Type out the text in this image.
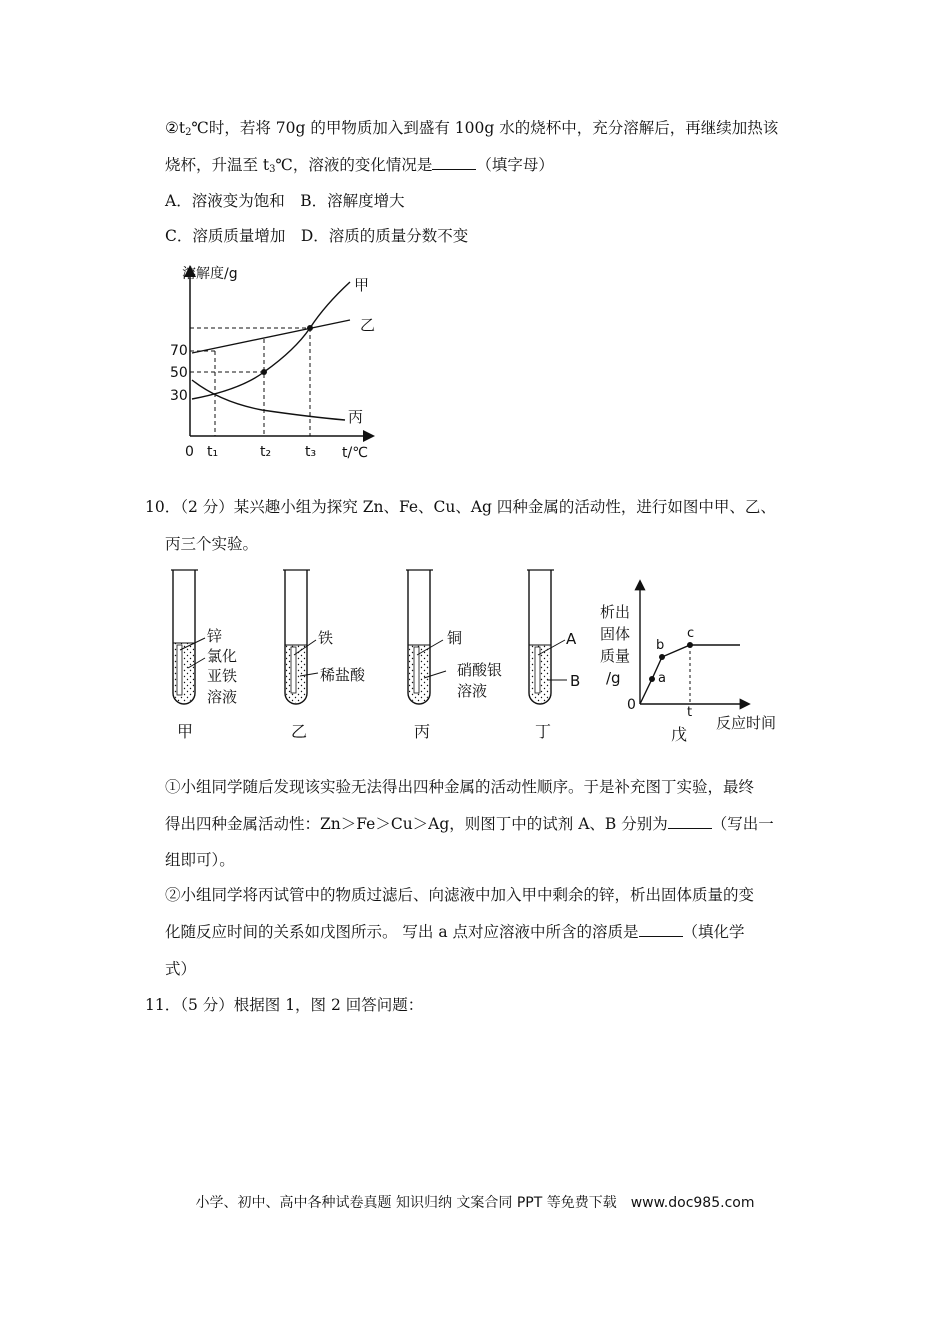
$②t_2℃$时，若将 70g 的甲物质加入到盛有 100g 水的烧杯中，充分溶解后，再继续加热该
烧杯，升温至 $t_3℃$，溶液的变化情况是	（填字母）
A．溶液变为饱和　B．溶解度增大
C．溶质质量增加　D．溶质的质量分数不变
溶解度/g
t/℃
0
70
50
30
t₁	t₂ t₃
甲
乙
丙
10．（2 分）某兴趣小组为探究 Zn、Fe、Cu、Ag 四种金属的活动性，进行如图中甲、乙、
丙三个实验。
锌
氯化
亚铁
溶液
甲
铁
稀盐酸
乙
铜
硝酸银
溶液
丙
A
B
丁
析出
固体
质量
/g
0
a
b
c
t
反应时间
戊
①小组同学随后发现该实验无法得出四种金属的活动性顺序。于是补充图丁实验，最终
得出四种金属活动性：Zn＞Fe＞Cu＞Ag，则图丁中的试剂 A、B 分别为	（写出一
组即可）。
②小组同学将丙试管中的物质过滤后、向滤液中加入甲中剩余的锌，析出固体质量的变
化随反应时间的关系如戊图所示。 写出 a 点对应溶液中所含的溶质是	（填化学
式）
11．（5 分）根据图 1，图 2 回答问题：
小学、初中、高中各种试卷真题 知识归纳 文案合同 PPT 等免费下载　www.doc985.com
